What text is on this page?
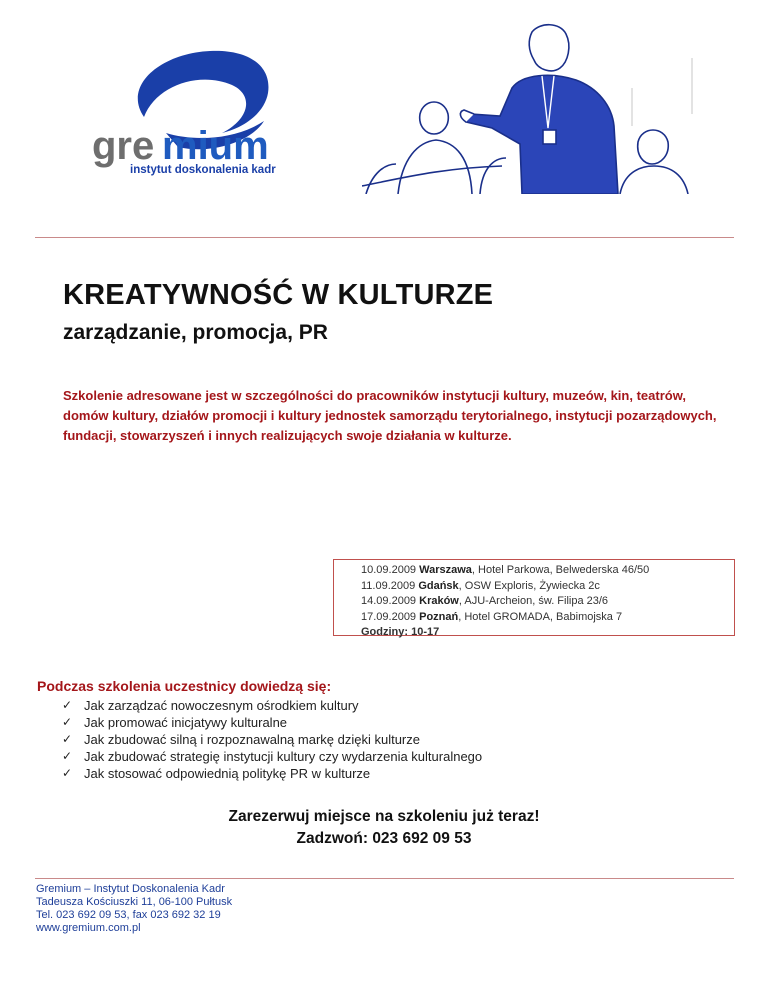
gre mium
instytut doskonalenia kadr
KREATYWNOŚĆ W KULTURZE
zarządzanie, promocja, PR

Szkolenie adresowane jest w szczególności do pracowników instytucji kultury, muzeów, kin, teatrów, domów kultury, działów promocji i kultury jednostek samorządu terytorialnego, instytucji pozarządowych, fundacji, stowarzyszeń i innych realizujących swoje działania w kulturze.

10.09.2009 Warszawa, Hotel Parkowa, Belwederska 46/50
11.09.2009 Gdańsk, OSW Exploris, Żywiecka 2c
14.09.2009 Kraków, AJU-Archeion, św. Filipa 23/6
17.09.2009 Poznań, Hotel GROMADA, Babimojska 7
Godziny: 10-17
Podczas szkolenia uczestnicy dowiedzą się:
✓ Jak zarządzać nowoczesnym ośrodkiem kultury
✓ Jak promować inicjatywy kulturalne
✓ Jak zbudować silną i rozpoznawalną markę dzięki kulturze
✓ Jak zbudować strategię instytucji kultury czy wydarzenia kulturalnego
✓ Jak stosować odpowiednią politykę PR w kulturze
Zarezerwuj miejsce na szkoleniu już teraz!
Zadzwoń: 023 692 09 53
Gremium – Instytut Doskonalenia Kadr
Tadeusza Kościuszki 11, 06-100 Pułtusk
Tel. 023 692 09 53, fax 023 692 32 19
www.gremium.com.pl
